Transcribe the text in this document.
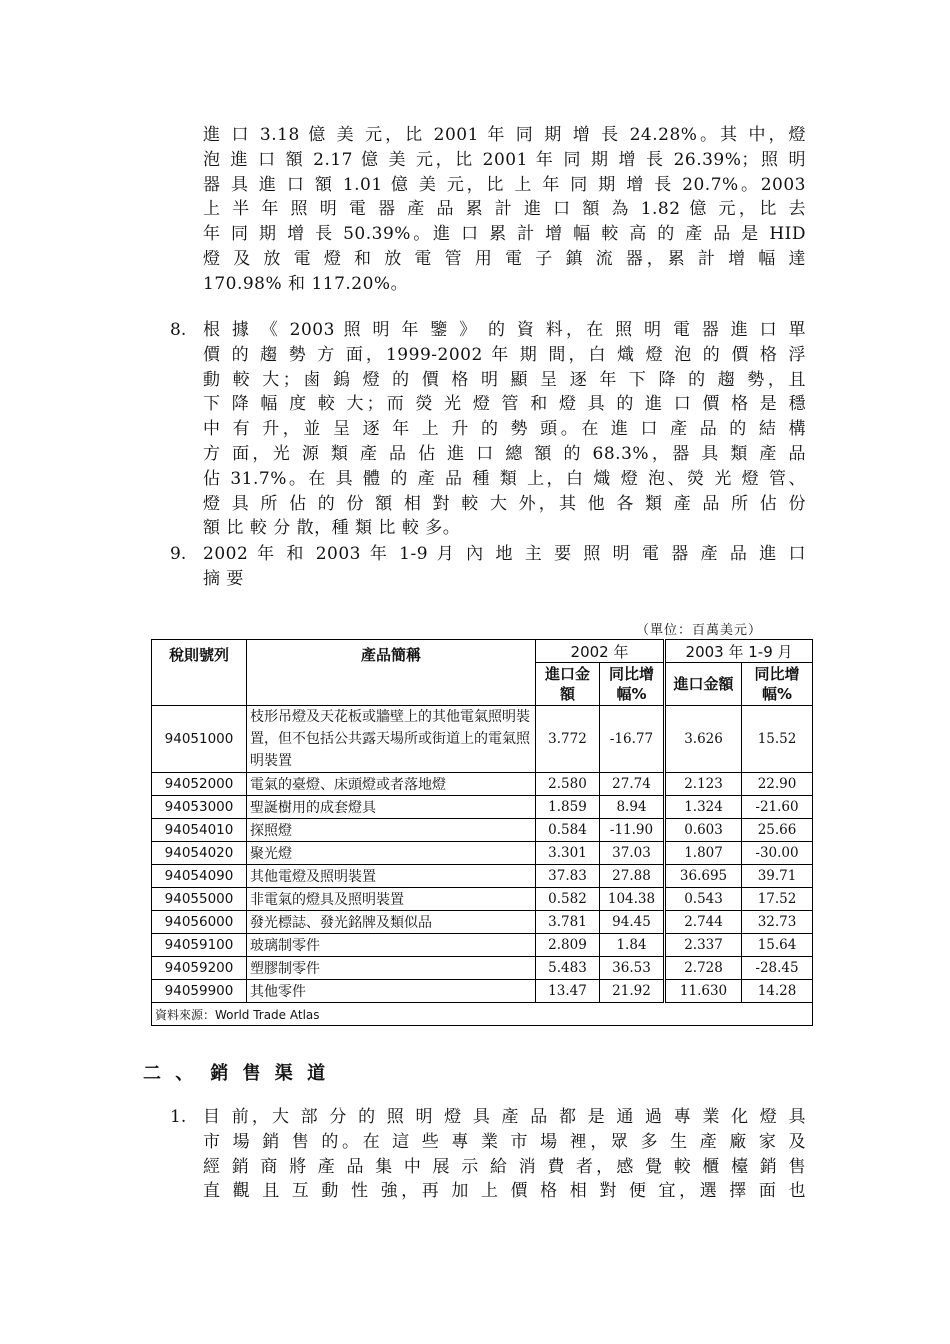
進 口 3.18 億 美 元，比 2001 年 同 期 增 長 24.28%。其 中，燈
泡 進 口 額 2.17 億 美 元，比 2001 年 同 期 增 長 26.39%；照 明
器 具 進 口 額 1.01 億 美 元，比 上 年 同 期 增 長 20.7%。2003
上 半 年 照 明 電 器 產 品 累 計 進 口 額 為 1.82 億 元，比 去
年 同 期 增 長 50.39%。進 口 累 計 增 幅 較 高 的 產 品 是 HID
燈 及 放 電 燈 和 放 電 管 用 電 子 鎮 流 器，累 計 增 幅 達
170.98% 和 117.20%。
8. 根 據 《 2003 照 明 年 鑒 》 的 資 料，在 照 明 電 器 進 口 單
價 的 趨 勢 方 面，1999-2002 年 期 間，白 熾 燈 泡 的 價 格 浮
動 較 大；鹵 鎢 燈 的 價 格 明 顯 呈 逐 年 下 降 的 趨 勢，且
下 降 幅 度 較 大；而 熒 光 燈 管 和 燈 具 的 進 口 價 格 是 穩
中 有 升，並 呈 逐 年 上 升 的 勢 頭。在 進 口 產 品 的 結 構
方 面，光 源 類 產 品 佔 進 口 總 額 的 68.3%，器 具 類 產 品
佔 31.7%。在 具 體 的 產 品 種 類 上，白 熾 燈 泡、熒 光 燈 管、
燈 具 所 佔 的 份 額 相 對 較 大 外，其 他 各 類 產 品 所 佔 份
額 比 較 分 散，種 類 比 較 多。
9. 2002 年 和 2003 年 1-9 月 內 地 主 要 照 明 電 器 產 品 進 口
摘 要
（單位：百萬美元）
稅則號列	產品簡稱	2002 年		2003 年 1-9 月	
		進口金額	同比增幅%	進口金額	同比增幅%
94051000	枝形吊燈及天花板或牆壁上的其他電氣照明裝置，但不包括公共露天場所或街道上的電氣照明裝置	3.772	-16.77	3.626	15.52
94052000	電氣的臺燈、床頭燈或者落地燈	2.580	27.74	2.123	22.90
94053000	聖誕樹用的成套燈具	1.859	8.94	1.324	-21.60
94054010	探照燈	0.584	-11.90	0.603	25.66
94054020	聚光燈	3.301	37.03	1.807	-30.00
94054090	其他電燈及照明裝置	37.83	27.88	36.695	39.71
94055000	非電氣的燈具及照明裝置	0.582	104.38	0.543	17.52
94056000	發光標誌、發光銘牌及類似品	3.781	94.45	2.744	32.73
94059100	玻璃制零件	2.809	1.84	2.337	15.64
94059200	塑膠制零件	5.483	36.53	2.728	-28.45
94059900	其他零件	13.47	21.92	11.630	14.28
資料來源：World Trade Atlas					
二 、　銷 售 渠 道
1. 目 前，大 部 分 的 照 明 燈 具 產 品 都 是 通 過 專 業 化 燈 具
市 場 銷 售 的。在 這 些 專 業 市 場 裡，眾 多 生 產 廠 家 及
經 銷 商 將 產 品 集 中 展 示 給 消 費 者，感 覺 較 櫃 檯 銷 售
直 觀 且 互 動 性 強，再 加 上 價 格 相 對 便 宜，選 擇 面 也
